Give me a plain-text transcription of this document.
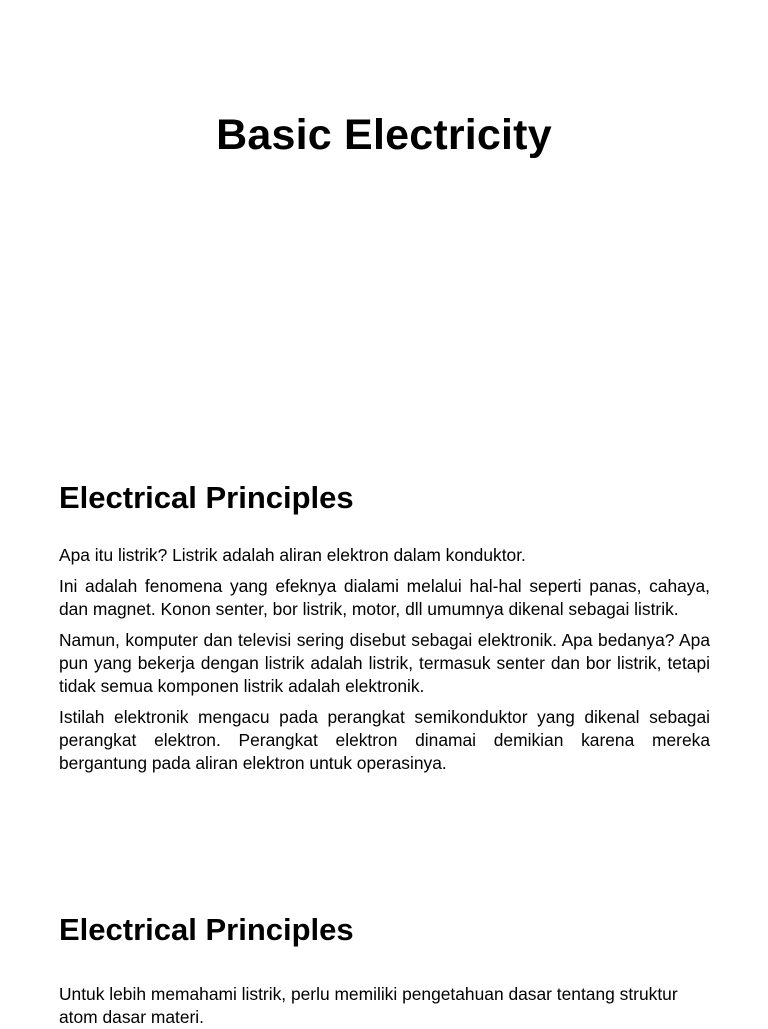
Basic Electricity
Electrical Principles

Apa itu listrik? Listrik adalah aliran elektron dalam konduktor.

Ini adalah fenomena yang efeknya dialami melalui hal-hal seperti panas, cahaya, dan magnet. Konon senter, bor listrik, motor, dll umumnya dikenal sebagai listrik.

Namun, komputer dan televisi sering disebut sebagai elektronik. Apa bedanya? Apa pun yang bekerja dengan listrik adalah listrik, termasuk senter dan bor listrik, tetapi tidak semua komponen listrik adalah elektronik.

Istilah elektronik mengacu pada perangkat semikonduktor yang dikenal sebagai perangkat elektron. Perangkat elektron dinamai demikian karena mereka bergantung pada aliran elektron untuk operasinya.

Electrical Principles

Untuk lebih memahami listrik, perlu memiliki pengetahuan dasar tentang struktur atom dasar materi.
